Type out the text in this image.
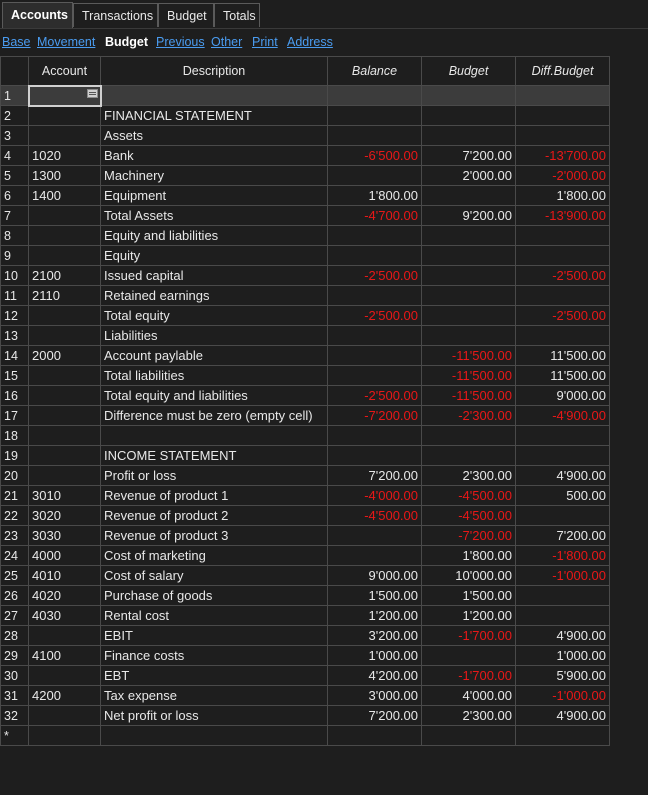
Accounts	Transactions	Budget	Totals
Base Movement Budget Previous Other Print Address
	Account	Description	Balance	Budget	Diff.Budget
1	

2		FINANCIAL STATEMENT			
3		Assets			
4	1020	Bank	-6'500.00	7'200.00	-13'700.00
5	1300	Machinery		2'000.00	-2'000.00
6	1400	Equipment	1'800.00		1'800.00
7		Total Assets	-4'700.00	9'200.00	-13'900.00
8		Equity and liabilities			
9		Equity			
10	2100	Issued capital	-2'500.00		-2'500.00
11	2110	Retained earnings			
12		Total equity	-2'500.00		-2'500.00
13		Liabilities			
14	2000	Account paylable		-11'500.00	11'500.00
15		Total liabilities		-11'500.00	11'500.00
16		Total equity and liabilities	-2'500.00	-11'500.00	9'000.00
17		Difference must be zero (empty cell)	-7'200.00	-2'300.00	-4'900.00
18					
19		INCOME STATEMENT			
20		Profit or loss	7'200.00	2'300.00	4'900.00
21	3010	Revenue of product 1	-4'000.00	-4'500.00	500.00
22	3020	Revenue of product 2	-4'500.00	-4'500.00	
23	3030	Revenue of product 3		-7'200.00	7'200.00
24	4000	Cost of marketing		1'800.00	-1'800.00
25	4010	Cost of salary	9'000.00	10'000.00	-1'000.00
26	4020	Purchase of goods	1'500.00	1'500.00	
27	4030	Rental cost	1'200.00	1'200.00	
28		EBIT	3'200.00	-1'700.00	4'900.00
29	4100	Finance costs	1'000.00		1'000.00
30		EBT	4'200.00	-1'700.00	5'900.00
31	4200	Tax expense	3'000.00	4'000.00	-1'000.00
32		Net profit or loss	7'200.00	2'300.00	4'900.00
*					
